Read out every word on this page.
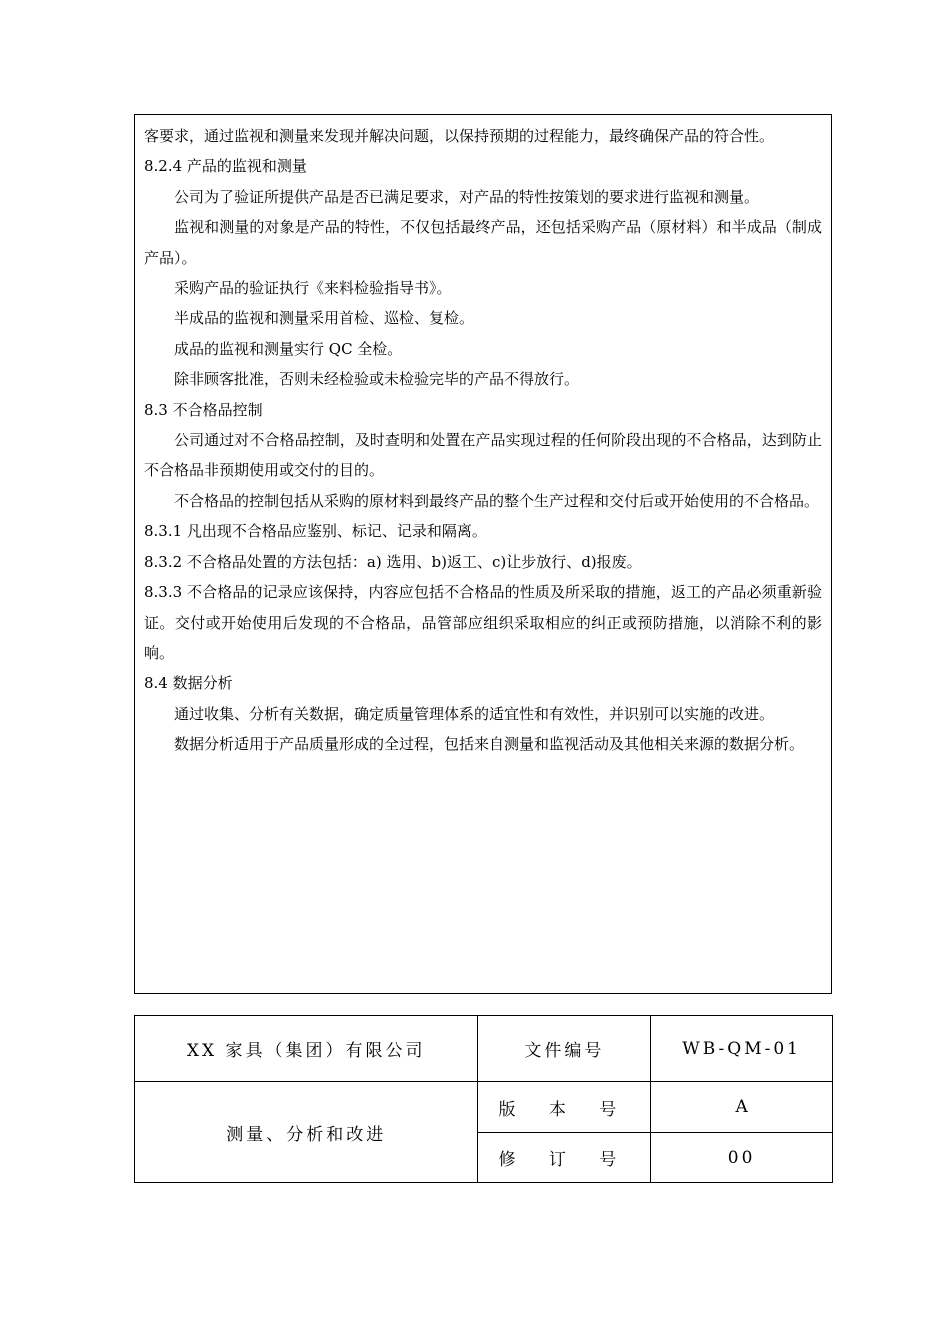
客要求，通过监视和测量来发现并解决问题，以保持预期的过程能力，最终确保产品的符合性。

8.2.4 产品的监视和测量

公司为了验证所提供产品是否已满足要求，对产品的特性按策划的要求进行监视和测量。

监视和测量的对象是产品的特性，不仅包括最终产品，还包括采购产品（原材料）和半成品（制成产品）。

采购产品的验证执行《来料检验指导书》。

半成品的监视和测量采用首检、巡检、复检。

成品的监视和测量实行 QC 全检。

除非顾客批准，否则未经检验或未检验完毕的产品不得放行。

8.3 不合格品控制

公司通过对不合格品控制，及时查明和处置在产品实现过程的任何阶段出现的不合格品，达到防止不合格品非预期使用或交付的目的。

不合格品的控制包括从采购的原材料到最终产品的整个生产过程和交付后或开始使用的不合格品。

8.3.1 凡出现不合格品应鉴别、标记、记录和隔离。

8.3.2 不合格品处置的方法包括：a) 选用、b)返工、c)让步放行、d)报废。

8.3.3 不合格品的记录应该保持，内容应包括不合格品的性质及所采取的措施，返工的产品必须重新验证。交付或开始使用后发现的不合格品，品管部应组织采取相应的纠正或预防措施，以消除不利的影响。

8.4 数据分析

通过收集、分析有关数据，确定质量管理体系的适宜性和有效性，并识别可以实施的改进。

数据分析适用于产品质量形成的全过程，包括来自测量和监视活动及其他相关来源的数据分析。

XX 家具（集团）有限公司	文件编号	WB-QM-01
测量、分析和改进	版 本 号	A
	修 订 号	00
